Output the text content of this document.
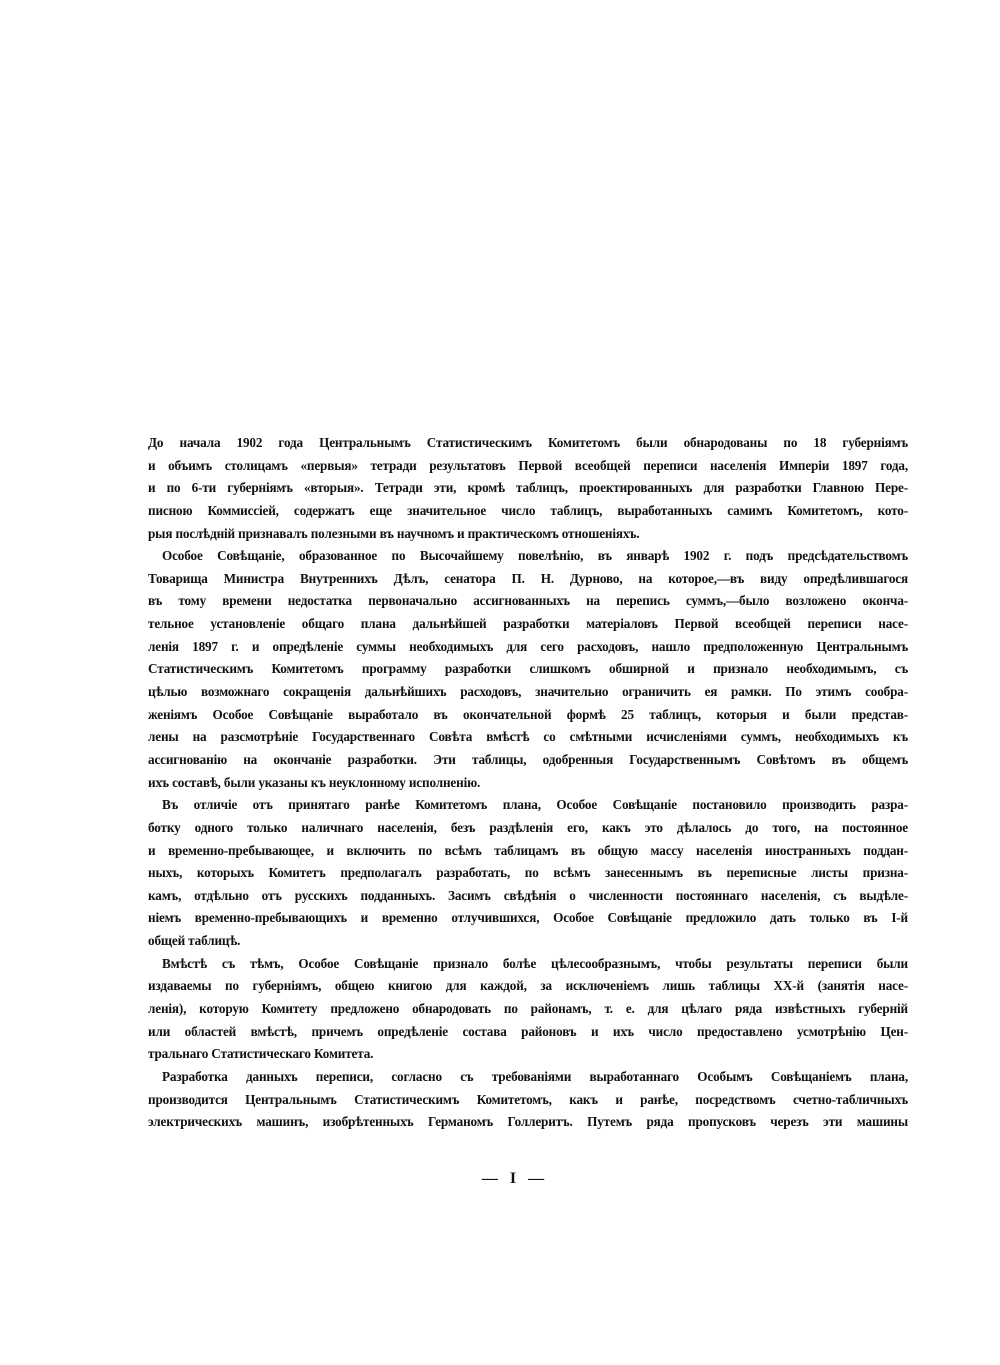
До начала 1902 года Центральнымъ Статистическимъ Комитетомъ были обнародованы по 18 губерніямъ
и объимъ столицамъ «первыя» тетради результатовъ Первой всеобщей переписи населенія Имперіи 1897 года,
и по 6-ти губерніямъ «вторыя». Тетради эти, кромѣ таблицъ, проектированныхъ для разработки Главною Пере-
писною Коммиссіей, содержатъ еще значительное число таблицъ, выработанныхъ самимъ Комитетомъ, кото-
рыя послѣдній признавалъ полезными въ научномъ и практическомъ отношеніяхъ.
Особое Совѣщаніе, образованное по Высочайшему повелѣнію, въ январѣ 1902 г. подъ предсѣдательствомъ
Товарища Министра Внутреннихъ Дѣлъ, сенатора П. Н. Дурново, на которое,—въ виду опредѣлившагося
въ тому времени недостатка первоначально ассигнованныхъ на перепись суммъ,—было возложено оконча-
тельное установленіе общаго плана дальнѣйшей разработки матеріаловъ Первой всеобщей переписи насе-
ленія 1897 г. и опредѣленіе суммы необходимыхъ для сего расходовъ, нашло предположенную Центральнымъ
Статистическимъ Комитетомъ программу разработки слишкомъ обширной и признало необходимымъ, съ
цѣлью возможнаго сокращенія дальнѣйшихъ расходовъ, значительно ограничить ея рамки. По этимъ сообра-
женіямъ Особое Совѣщаніе выработало въ окончательной формѣ 25 таблицъ, которыя и были представ-
лены на разсмотрѣніе Государственнаго Совѣта вмѣстѣ со смѣтными исчисленіями суммъ, необходимыхъ къ
ассигнованію на окончаніе разработки. Эти таблицы, одобренныя Государственнымъ Совѣтомъ въ общемъ
ихъ составѣ, были указаны къ неуклонному исполненію.
Въ отличіе отъ принятаго ранѣе Комитетомъ плана, Особое Совѣщаніе постановило производить разра-
ботку одного только наличнаго населенія, безъ раздѣленія его, какъ это дѣлалось до того, на постоянное
и временно-пребывающее, и включить по всѣмъ таблицамъ въ общую массу населенія иностранныхъ поддан-
ныхъ, которыхъ Комитетъ предполагалъ разработать, по всѣмъ занесеннымъ въ переписные листы призна-
камъ, отдѣльно отъ русскихъ подданныхъ. Засимъ свѣдѣнія о численности постояннаго населенія, съ выдѣле-
ніемъ временно-пребывающихъ и временно отлучившихся, Особое Совѣщаніе предложило дать только въ I-й
общей таблицѣ.
Вмѣстѣ съ тѣмъ, Особое Совѣщаніе признало болѣе цѣлесообразнымъ, чтобы результаты переписи были
издаваемы по губерніямъ, общею книгою для каждой, за исключеніемъ лишь таблицы XX-й (занятія насе-
ленія), которую Комитету предложено обнародовать по районамъ, т. е. для цѣлаго ряда извѣстныхъ губерній
или областей вмѣстѣ, причемъ опредѣленіе состава районовъ и ихъ число предоставлено усмотрѣнію Цен-
тральнаго Статистическаго Комитета.
Разработка данныхъ переписи, согласно съ требованіями выработаннаго Особымъ Совѣщаніемъ плана,
производится Центральнымъ Статистическимъ Комитетомъ, какъ и ранѣе, посредствомъ счетно-табличныхъ
электрическихъ машинъ, изобрѣтенныхъ Германомъ Голлеритъ. Путемъ ряда пропусковъ черезъ эти машины
— I —
